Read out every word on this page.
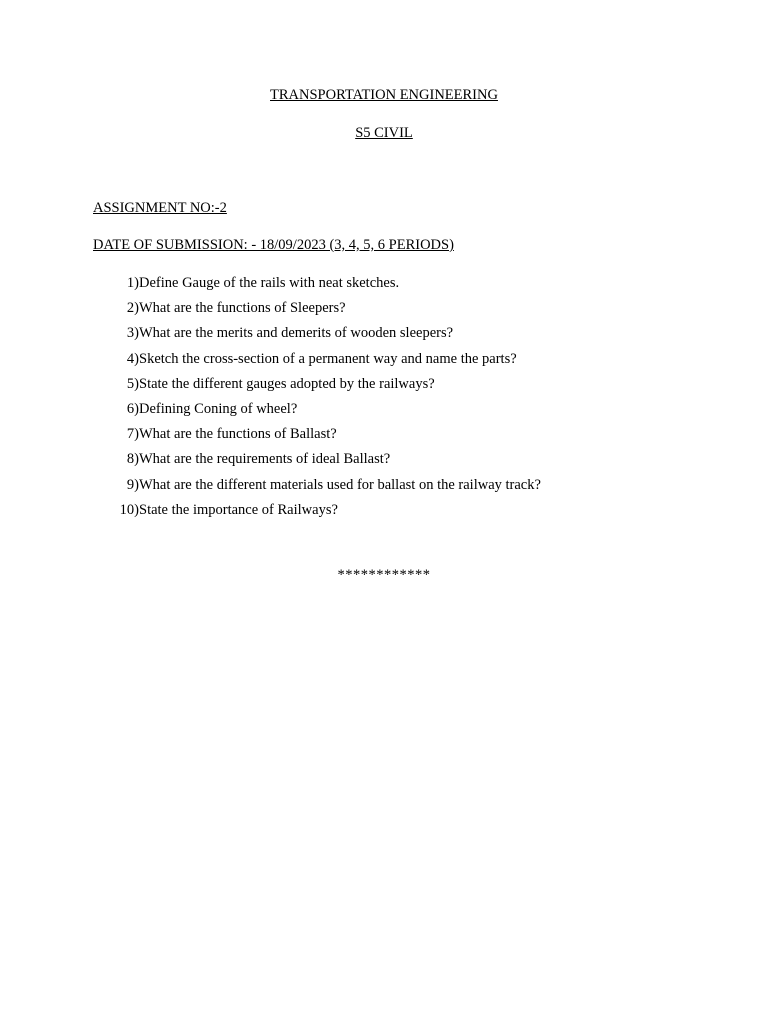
TRANSPORTATION ENGINEERING
S5 CIVIL
ASSIGNMENT NO:-2
DATE OF SUBMISSION: - 18/09/2023 (3, 4, 5, 6 PERIODS)
1) Define Gauge of the rails with neat sketches.
2) What are the functions of Sleepers?
3) What are the merits and demerits of wooden sleepers?
4) Sketch the cross-section of a permanent way and name the parts?
5) State the different gauges adopted by the railways?
6) Defining Coning of wheel?
7) What are the functions of Ballast?
8) What are the requirements of ideal Ballast?
9) What are the different materials used for ballast on the railway track?
10) State the importance of Railways?
************
